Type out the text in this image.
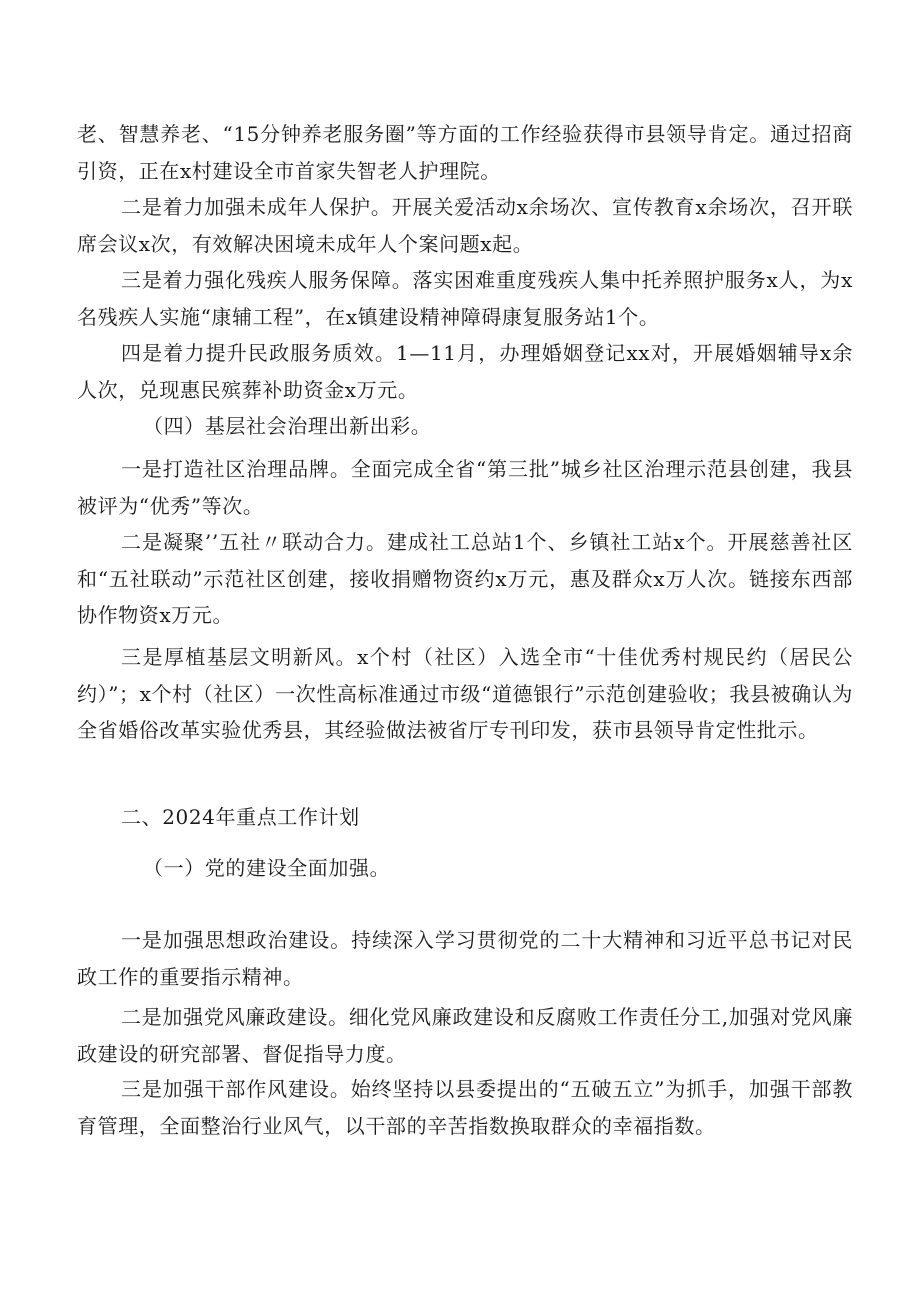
老、智慧养老、“15分钟养老服务圈”等方面的工作经验获得市县领导肯定。通过招商引资，正在x村建设全市首家失智老人护理院。

二是着力加强未成年人保护。开展关爱活动x余场次、宣传教育x余场次，召开联席会议x次，有效解决困境未成年人个案问题x起。

三是着力强化残疾人服务保障。落实困难重度残疾人集中托养照护服务x人，为x名残疾人实施“康辅工程”，在x镇建设精神障碍康复服务站1个。

四是着力提升民政服务质效。1—11月，办理婚姻登记xx对，开展婚姻辅导x余人次，兑现惠民殡葬补助资金x万元。

（四）基层社会治理出新出彩。

一是打造社区治理品牌。全面完成全省“第三批”城乡社区治理示范县创建，我县被评为“优秀”等次。

二是凝聚’’五社〃联动合力。建成社工总站1个、乡镇社工站x个。开展慈善社区和“五社联动”示范社区创建，接收捐赠物资约x万元，惠及群众x万人次。链接东西部协作物资x万元。

三是厚植基层文明新风。x个村（社区）入选全市“十佳优秀村规民约（居民公约）”；x个村（社区）一次性高标准通过市级“道德银行”示范创建验收；我县被确认为全省婚俗改革实验优秀县，其经验做法被省厅专刊印发，获市县领导肯定性批示。

二、2024年重点工作计划

（一）党的建设全面加强。

一是加强思想政治建设。持续深入学习贯彻党的二十大精神和习近平总书记对民政工作的重要指示精神。

二是加强党风廉政建设。细化党风廉政建设和反腐败工作责任分工,加强对党风廉政建设的研究部署、督促指导力度。

三是加强干部作风建设。始终坚持以县委提出的“五破五立”为抓手，加强干部教育管理，全面整治行业风气，以干部的辛苦指数换取群众的幸福指数。
